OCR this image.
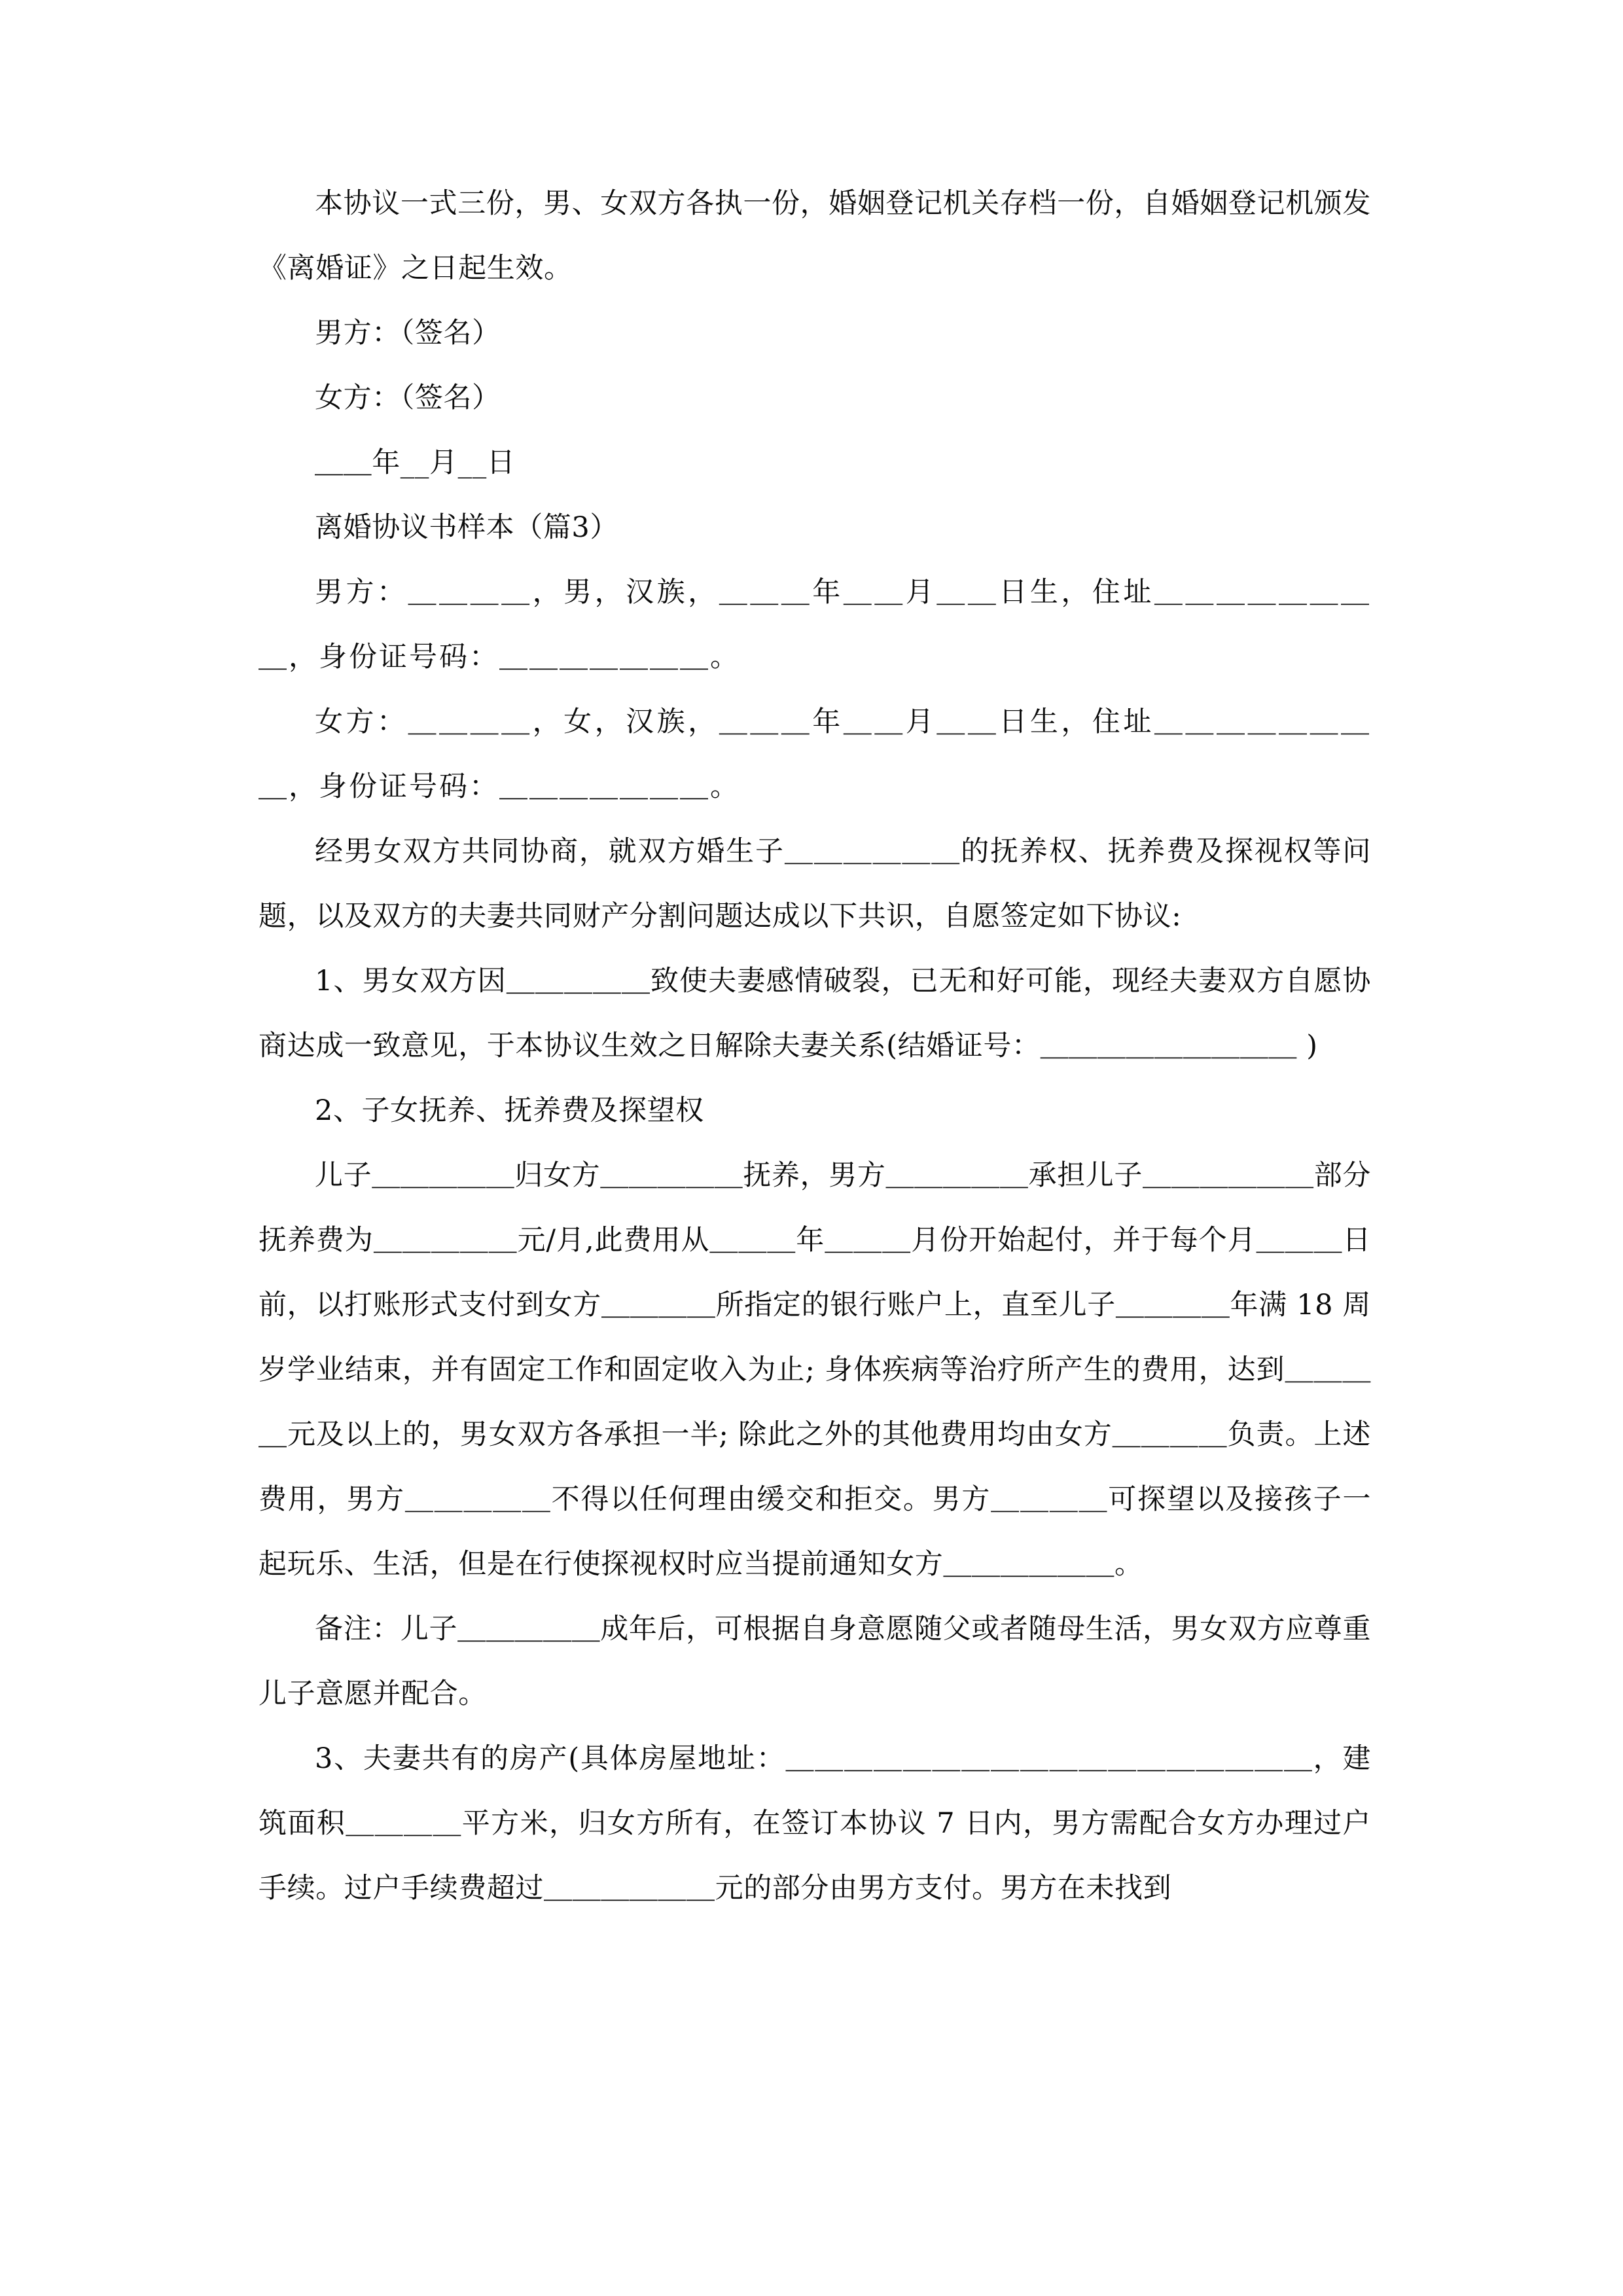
本协议一式三份，男、女双方各执一份，婚姻登记机关存档一份，自婚姻登记机颁发《离婚证》之日起生效。

男方：（签名）

女方：（签名）

＿＿年__月__日

离婚协议书样本（篇3）

男方：＿＿＿＿，男，汉族，＿＿＿年＿＿月＿＿日生，住址＿＿＿＿＿＿＿＿，身份证号码：＿＿＿＿＿＿＿。

女方：＿＿＿＿，女，汉族，＿＿＿年＿＿月＿＿日生，住址＿＿＿＿＿＿＿＿，身份证号码：＿＿＿＿＿＿＿。

经男女双方共同协商，就双方婚生子＿＿＿＿＿＿的抚养权、抚养费及探视权等问题，以及双方的夫妻共同财产分割问题达成以下共识，自愿签定如下协议:

1、男女双方因＿＿＿＿＿致使夫妻感情破裂，已无和好可能，现经夫妻双方自愿协商达成一致意见，于本协议生效之日解除夫妻关系(结婚证号：＿＿＿＿＿＿＿＿＿ )

2、子女抚养、抚养费及探望权

儿子＿＿＿＿＿归女方＿＿＿＿＿抚养，男方＿＿＿＿＿承担儿子＿＿＿＿＿＿部分抚养费为＿＿＿＿＿元/月,此费用从＿＿＿年＿＿＿月份开始起付，并于每个月＿＿＿日前，以打账形式支付到女方＿＿＿＿所指定的银行账户上，直至儿子＿＿＿＿年满 18 周岁学业结束，并有固定工作和固定收入为止; 身体疾病等治疗所产生的费用，达到＿＿＿＿元及以上的，男女双方各承担一半; 除此之外的其他费用均由女方＿＿＿＿负责。上述费用，男方＿＿＿＿＿不得以任何理由缓交和拒交。男方＿＿＿＿可探望以及接孩子一起玩乐、生活，但是在行使探视权时应当提前通知女方＿＿＿＿＿＿。

备注：儿子＿＿＿＿＿成年后，可根据自身意愿随父或者随母生活，男女双方应尊重儿子意愿并配合。

3、夫妻共有的房产(具体房屋地址：＿＿＿＿＿＿＿＿＿＿＿＿＿＿＿＿＿＿，建筑面积＿＿＿＿平方米，归女方所有，在签订本协议 7 日内，男方需配合女方办理过户手续。过户手续费超过＿＿＿＿＿＿元的部分由男方支付。男方在未找到
